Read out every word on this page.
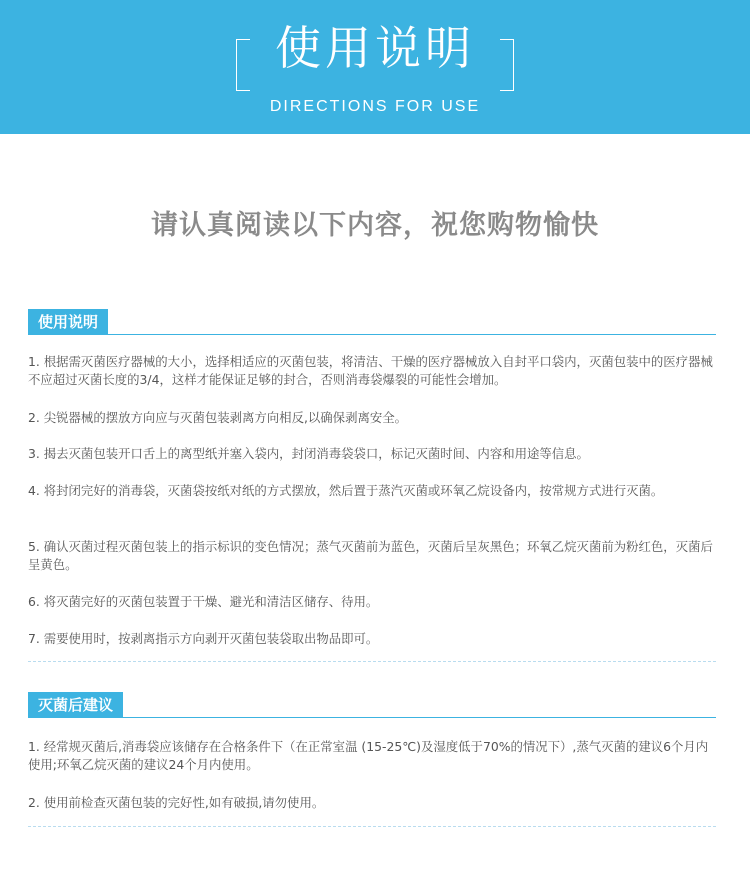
使用说明
DIRECTIONS FOR USE
请认真阅读以下内容，祝您购物愉快
使用说明
1. 根据需灭菌医疗器械的大小，选择相适应的灭菌包装，将清洁、干燥的医疗器械放入自封平口袋内，灭菌包装中的医疗器械不应超过灭菌长度的3/4，这样才能保证足够的封合，否则消毒袋爆裂的可能性会增加。
2. 尖锐器械的摆放方向应与灭菌包装剥离方向相反,以确保剥离安全。
3. 揭去灭菌包装开口舌上的离型纸并塞入袋内，封闭消毒袋袋口，标记灭菌时间、内容和用途等信息。
4. 将封闭完好的消毒袋，灭菌袋按纸对纸的方式摆放，然后置于蒸汽灭菌或环氧乙烷设备内，按常规方式进行灭菌。
5. 确认灭菌过程灭菌包装上的指示标识的变色情况；蒸气灭菌前为蓝色，灭菌后呈灰黑色；环氧乙烷灭菌前为粉红色，灭菌后呈黄色。
6. 将灭菌完好的灭菌包装置于干燥、避光和清洁区储存、待用。
7. 需要使用时，按剥离指示方向剥开灭菌包装袋取出物品即可。
灭菌后建议
1. 经常规灭菌后,消毒袋应该储存在合格条件下（在正常室温 (15-25℃)及湿度低于70%的情况下）,蒸气灭菌的建议6个月内使用;环氧乙烷灭菌的建议24个月内使用。
2. 使用前检查灭菌包装的完好性,如有破损,请勿使用。
